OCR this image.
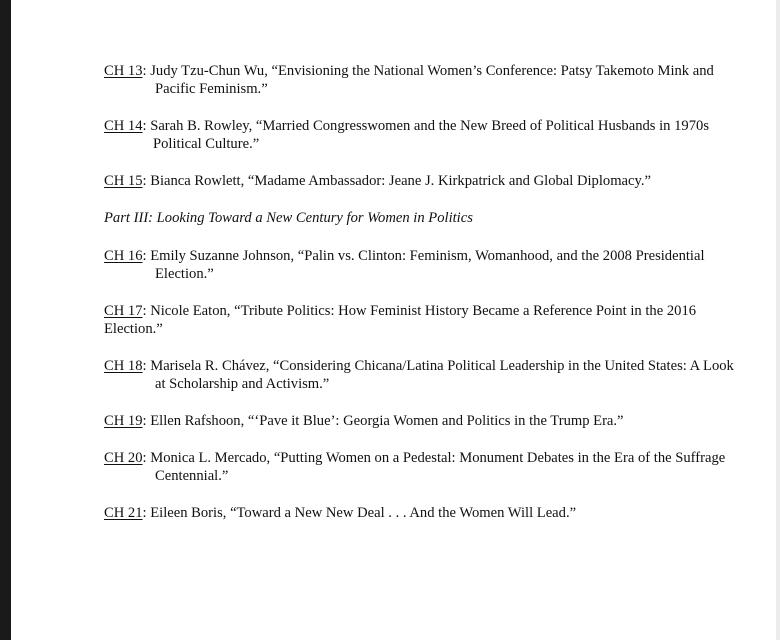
CH 13: Judy Tzu-Chun Wu, “Envisioning the National Women’s Conference: Patsy Takemoto Mink and Pacific Feminism.”

CH 14: Sarah B. Rowley, “Married Congresswomen and the New Breed of Political Husbands in 1970s Political Culture.”

CH 15: Bianca Rowlett, “Madame Ambassador: Jeane J. Kirkpatrick and Global Diplomacy.”

Part III: Looking Toward a New Century for Women in Politics

CH 16: Emily Suzanne Johnson, “Palin vs. Clinton: Feminism, Womanhood, and the 2008 Presidential Election.”

CH 17: Nicole Eaton, “Tribute Politics: How Feminist History Became a Reference Point in the 2016 Election.”

CH 18: Marisela R. Chávez, “Considering Chicana/Latina Political Leadership in the United States: A Look at Scholarship and Activism.”

CH 19: Ellen Rafshoon, “‘Pave it Blue’: Georgia Women and Politics in the Trump Era.”

CH 20: Monica L. Mercado, “Putting Women on a Pedestal: Monument Debates in the Era of the Suffrage Centennial.”

CH 21: Eileen Boris, “Toward a New New Deal . . . And the Women Will Lead.”
